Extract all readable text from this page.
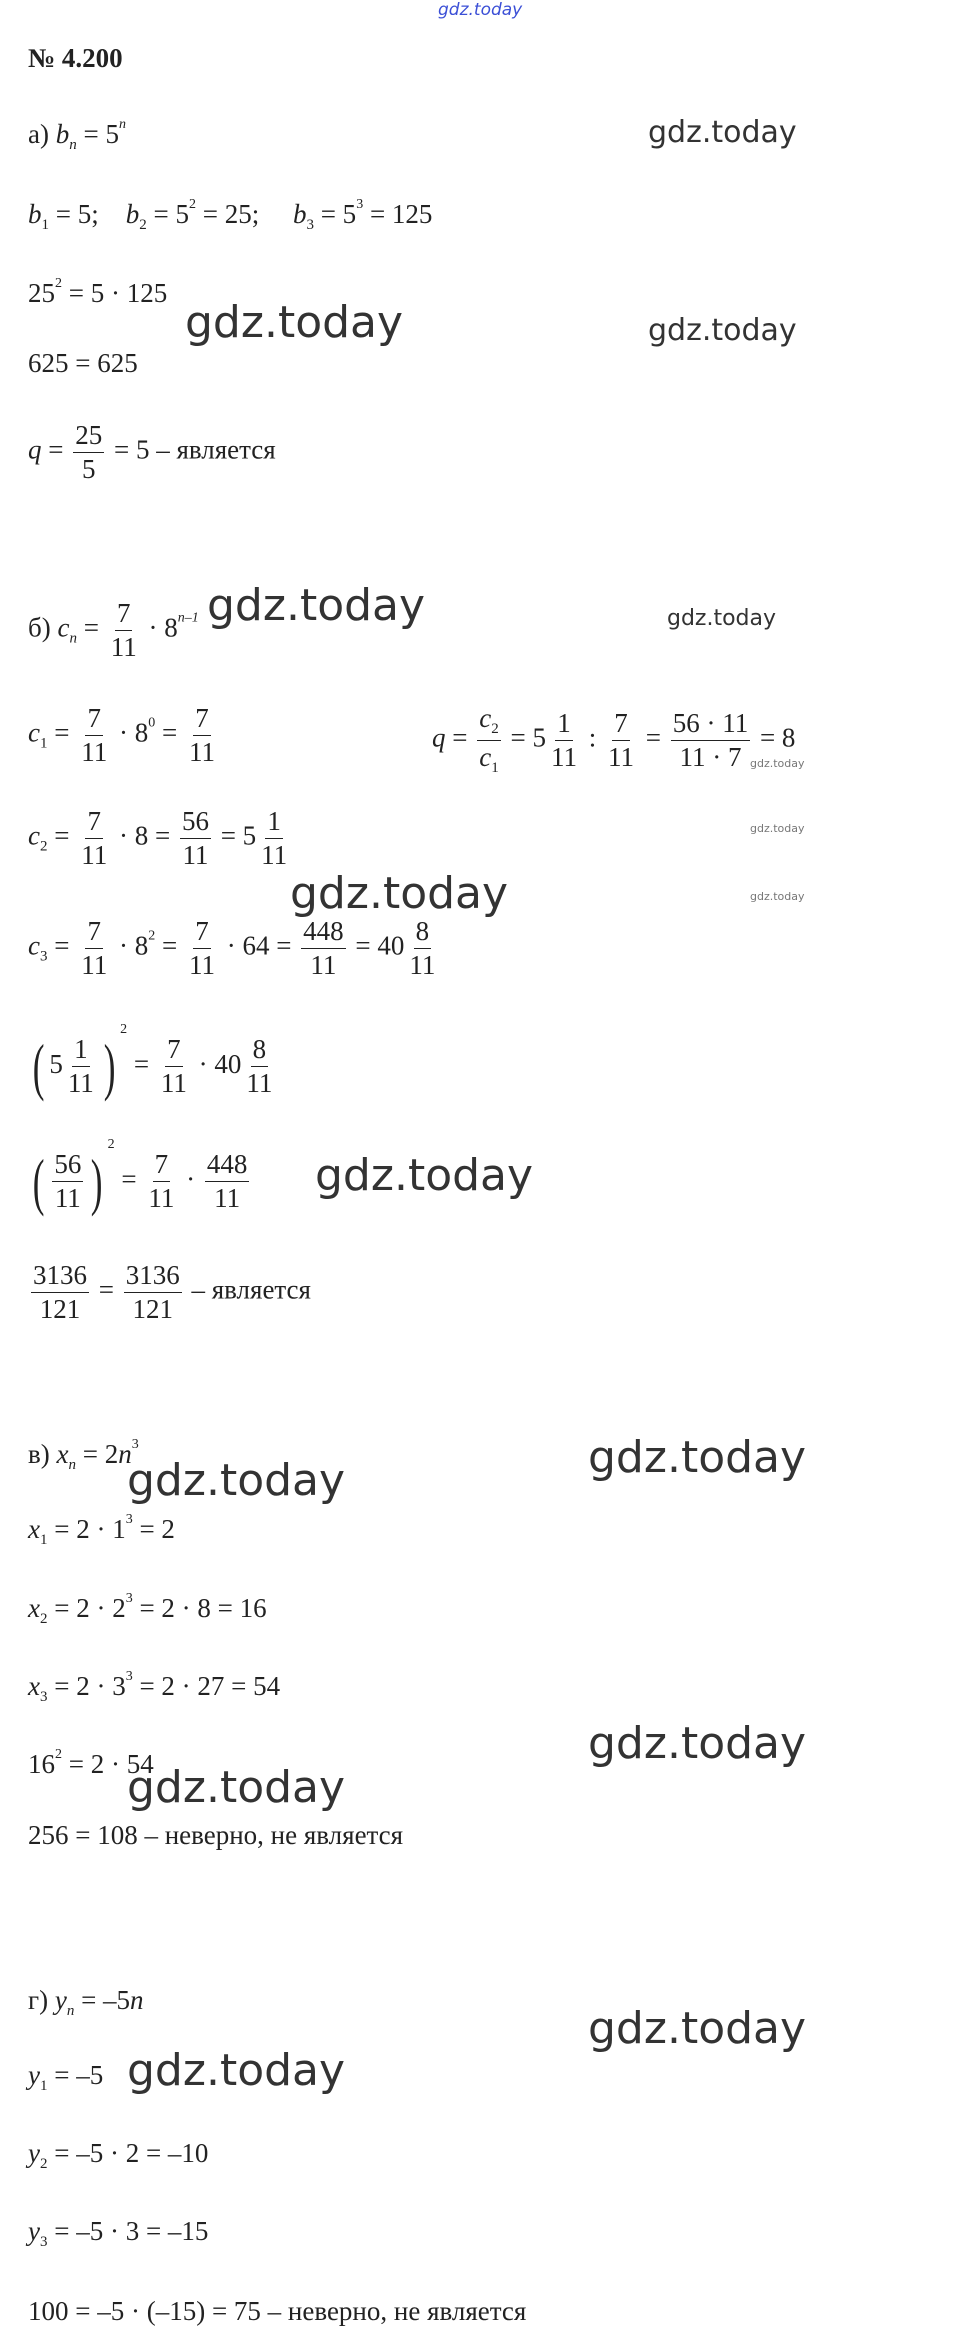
gdz.today
№ 4.200
а) $b_n = 5^n$
$b_1 = 5$;    $b_2 = 5^2 = 25$;     $b_3 = 5^3 = 125$
$25^2 = 5 \cdot 125$
625 = 625
$q = \frac{25}{5} = 5$ – является
б) $c_n = \frac{7}{11} \cdot 8^{n-1}$
$c_1 = \frac{7}{11} \cdot 8^0 = \frac{7}{11}$	$q = \frac{c_2}{c_1} = 5 \frac{1}{11}$ : $\frac{7}{11} = \frac{56 \cdot 11}{11 \cdot 7} = 8$
$c_2 = \frac{7}{11} \cdot 8 = \frac{56}{11} = 5 \frac{1}{11}$
$c_3 = \frac{7}{11} \cdot 8^2 = \frac{7}{11} \cdot 64 = \frac{448}{11} = 40 \frac{8}{11}$
( $5 \frac{1}{11} )^2 = \frac{7}{11} \cdot 40 \frac{8}{11}$
( $\frac{56}{11} )^2 = \frac{7}{11} \cdot \frac{448}{11}$
$\frac{3136}{121} = \frac{3136}{121}$ – является
в) $x_n = 2n^3$
$x_1 = 2 \cdot 1^3 = 2$
$x_2 = 2 \cdot 2^3 = 2 \cdot 8 = 16$
$x_3 = 2 \cdot 3^3 = 2 \cdot 27 = 54$
$16^2 = 2 \cdot 54$
256 = 108 – неверно, не является
г) $y_n = -5n$
$y_1 = -5$
$y_2 = -5 \cdot 2 = -10$
$y_3 = -5 \cdot 3 = -15$
100 = –5 · (–15) = 75 – неверно, не является
gdz.today
gdz.today	gdz.today
gdz.today	gdz.today
gdz.today
gdz.today
gdz.today	gdz.today
gdz.today
gdz.today
gdz.today
gdz.today
gdz.today
gdz.today
gdz.today
